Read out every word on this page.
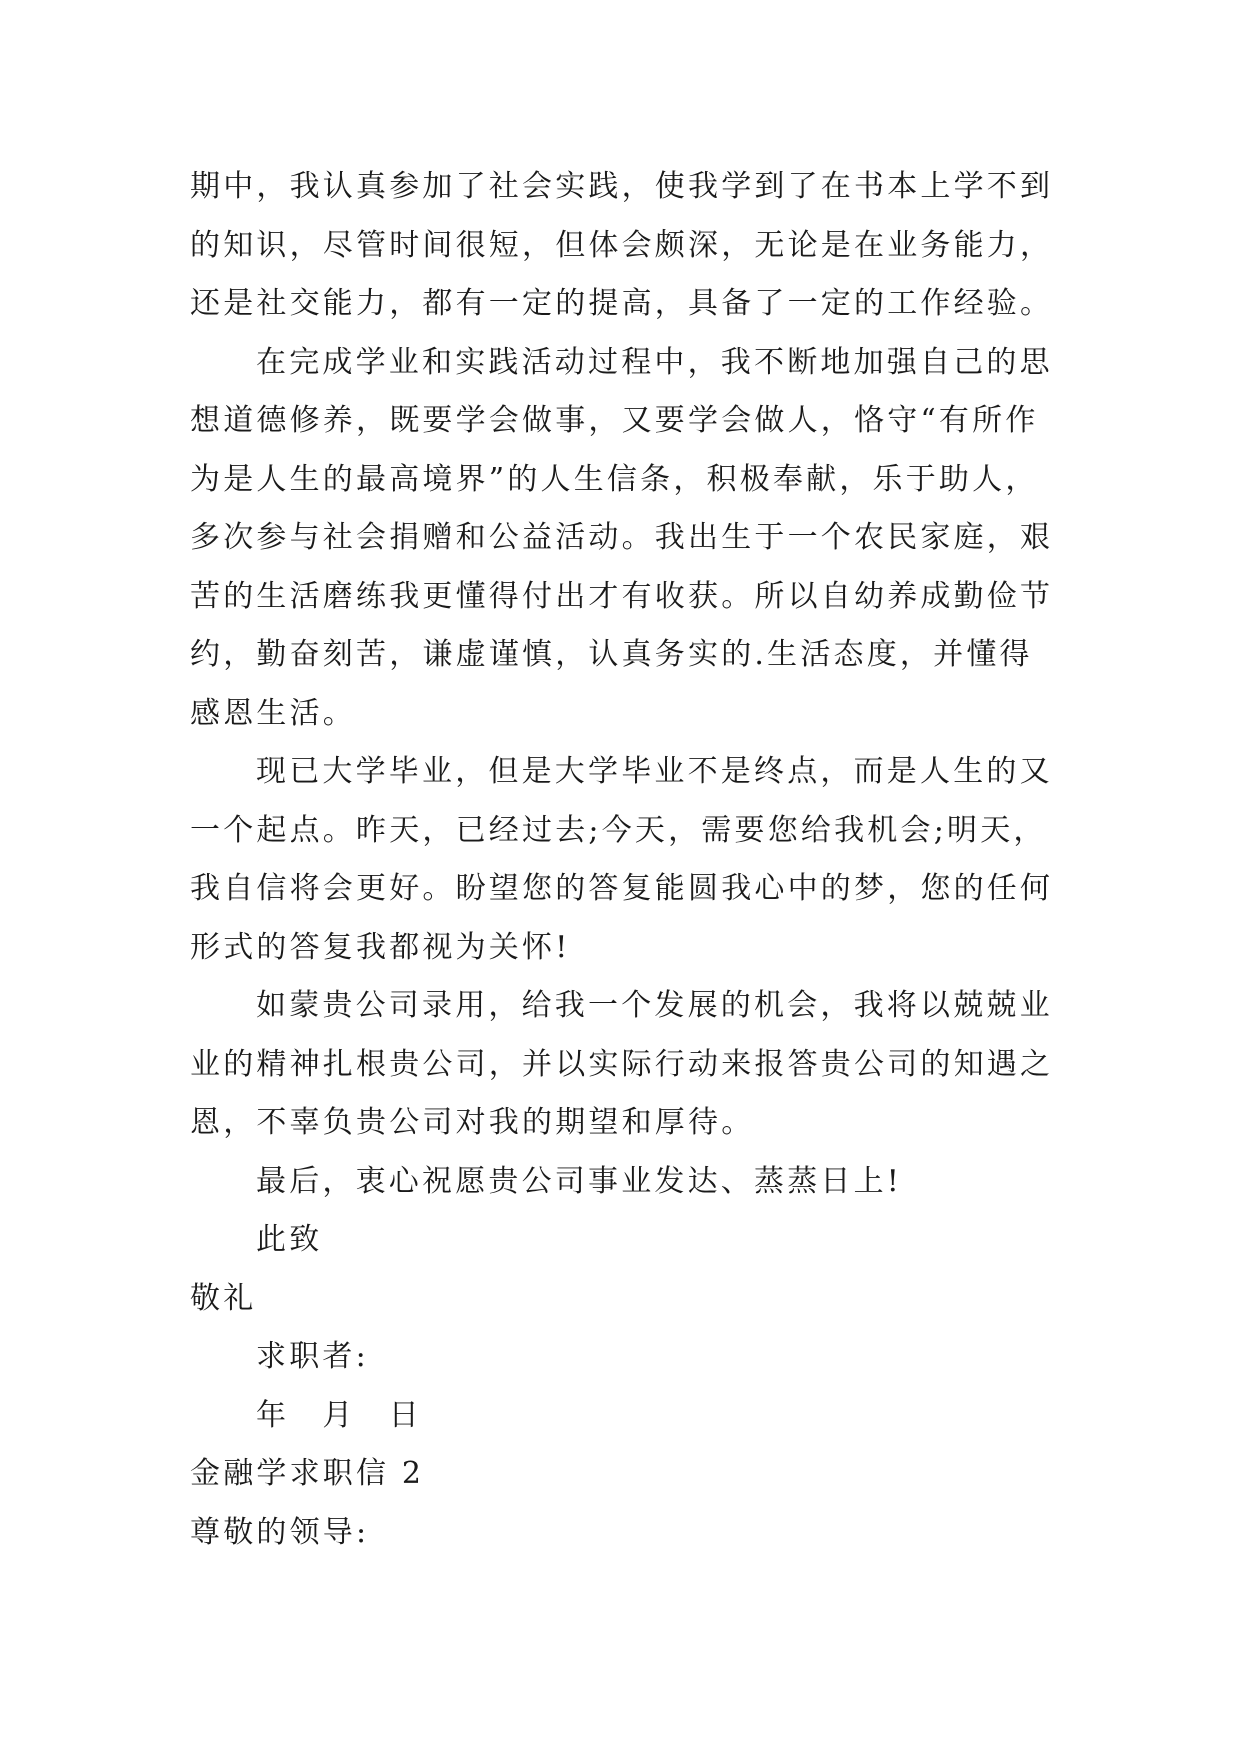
期中，我认真参加了社会实践，使我学到了在书本上学不到
的知识，尽管时间很短，但体会颇深，无论是在业务能力，
还是社交能力，都有一定的提高，具备了一定的工作经验。
在完成学业和实践活动过程中，我不断地加强自己的思
想道德修养，既要学会做事，又要学会做人，恪守“有所作
为是人生的最高境界”的人生信条，积极奉献，乐于助人，
多次参与社会捐赠和公益活动。我出生于一个农民家庭，艰
苦的生活磨练我更懂得付出才有收获。所以自幼养成勤俭节
约，勤奋刻苦，谦虚谨慎，认真务实的.生活态度，并懂得
感恩生活。
现已大学毕业，但是大学毕业不是终点，而是人生的又
一个起点。昨天，已经过去;今天，需要您给我机会;明天，
我自信将会更好。盼望您的答复能圆我心中的梦，您的任何
形式的答复我都视为关怀!
如蒙贵公司录用，给我一个发展的机会，我将以兢兢业
业的精神扎根贵公司，并以实际行动来报答贵公司的知遇之
恩，不辜负贵公司对我的期望和厚待。
最后，衷心祝愿贵公司事业发达、蒸蒸日上!
此致
敬礼
求职者:
年　月　日
金融学求职信 2
尊敬的领导:
